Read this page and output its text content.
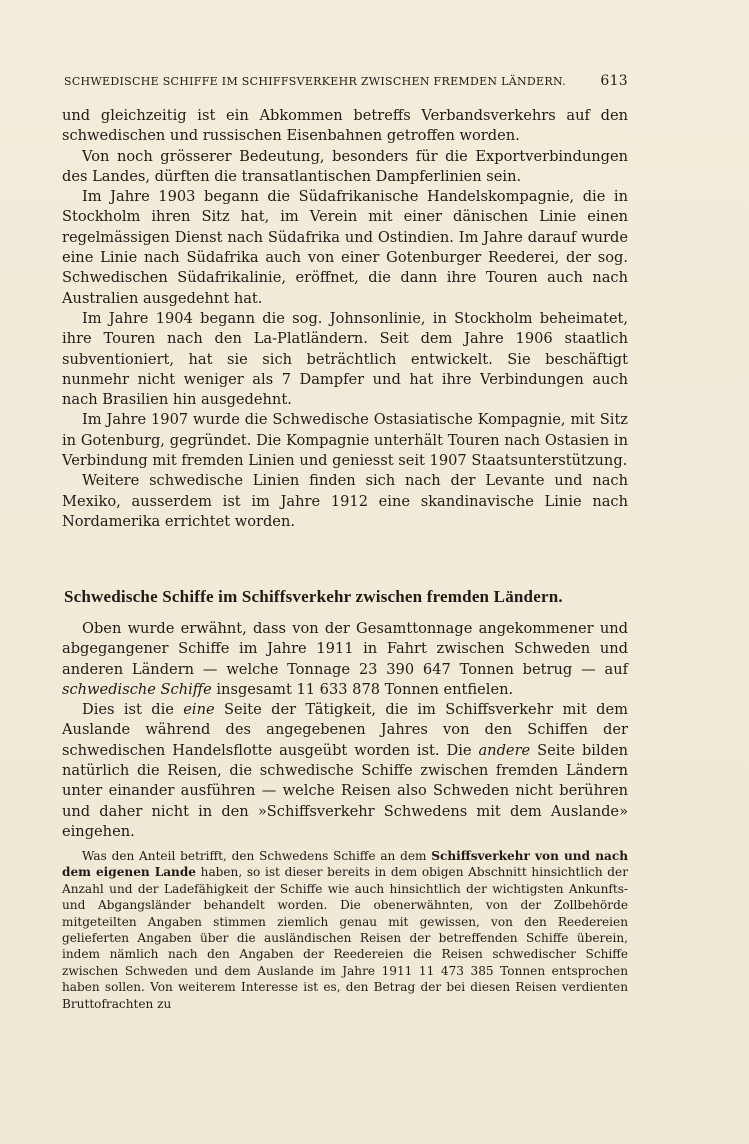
SCHWEDISCHE SCHIFFE IM SCHIFFSVERKEHR ZWISCHEN FREMDEN LÄNDERN. 613

und gleichzeitig ist ein Abkommen betreffs Verbandsverkehrs auf den schwedischen und russischen Eisenbahnen getroffen worden.

Von noch grösserer Bedeutung, besonders für die Exportverbindungen des Landes, dürften die transatlantischen Dampferlinien sein.

Im Jahre 1903 begann die Südafrikanische Handelskompagnie, die in Stockholm ihren Sitz hat, im Verein mit einer dänischen Linie einen regelmässigen Dienst nach Südafrika und Ostindien. Im Jahre darauf wurde eine Linie nach Südafrika auch von einer Gotenburger Reederei, der sog. Schwedischen Südafrikalinie, eröffnet, die dann ihre Touren auch nach Australien ausgedehnt hat.

Im Jahre 1904 begann die sog. Johnsonlinie, in Stockholm beheimatet, ihre Touren nach den La-Platländern. Seit dem Jahre 1906 staatlich subventioniert, hat sie sich beträchtlich entwickelt. Sie beschäftigt nunmehr nicht weniger als 7 Dampfer und hat ihre Verbindungen auch nach Brasilien hin ausgedehnt.

Im Jahre 1907 wurde die Schwedische Ostasiatische Kompagnie, mit Sitz in Gotenburg, gegründet. Die Kompagnie unterhält Touren nach Ostasien in Verbindung mit fremden Linien und geniesst seit 1907 Staatsunterstützung.

Weitere schwedische Linien finden sich nach der Levante und nach Mexiko, ausserdem ist im Jahre 1912 eine skandinavische Linie nach Nordamerika errichtet worden.

Schwedische Schiffe im Schiffsverkehr zwischen fremden Ländern.

Oben wurde erwähnt, dass von der Gesamttonnage angekommener und abgegangener Schiffe im Jahre 1911 in Fahrt zwischen Schweden und anderen Ländern — welche Tonnage 23 390 647 Tonnen betrug — auf schwedische Schiffe insgesamt 11 633 878 Tonnen entfielen.

Dies ist die eine Seite der Tätigkeit, die im Schiffsverkehr mit dem Auslande während des angegebenen Jahres von den Schiffen der schwedischen Handelsflotte ausgeübt worden ist. Die andere Seite bilden natürlich die Reisen, die schwedische Schiffe zwischen fremden Ländern unter einander ausführen — welche Reisen also Schweden nicht berühren und daher nicht in den »Schiffsverkehr Schwedens mit dem Auslande» eingehen.

Was den Anteil betrifft, den Schwedens Schiffe an dem Schiffsverkehr von und nach dem eigenen Lande haben, so ist dieser bereits in dem obigen Abschnitt hinsichtlich der Anzahl und der Ladefähigkeit der Schiffe wie auch hinsichtlich der wichtigsten Ankunfts- und Abgangsländer behandelt worden. Die obenerwähnten, von der Zollbehörde mitgeteilten Angaben stimmen ziemlich genau mit gewissen, von den Reedereien gelieferten Angaben über die ausländischen Reisen der betreffenden Schiffe überein, indem nämlich nach den Angaben der Reedereien die Reisen schwedischer Schiffe zwischen Schweden und dem Auslande im Jahre 1911 11 473 385 Tonnen entsprochen haben sollen. Von weiterem Interesse ist es, den Betrag der bei diesen Reisen verdienten Bruttofrachten zu
